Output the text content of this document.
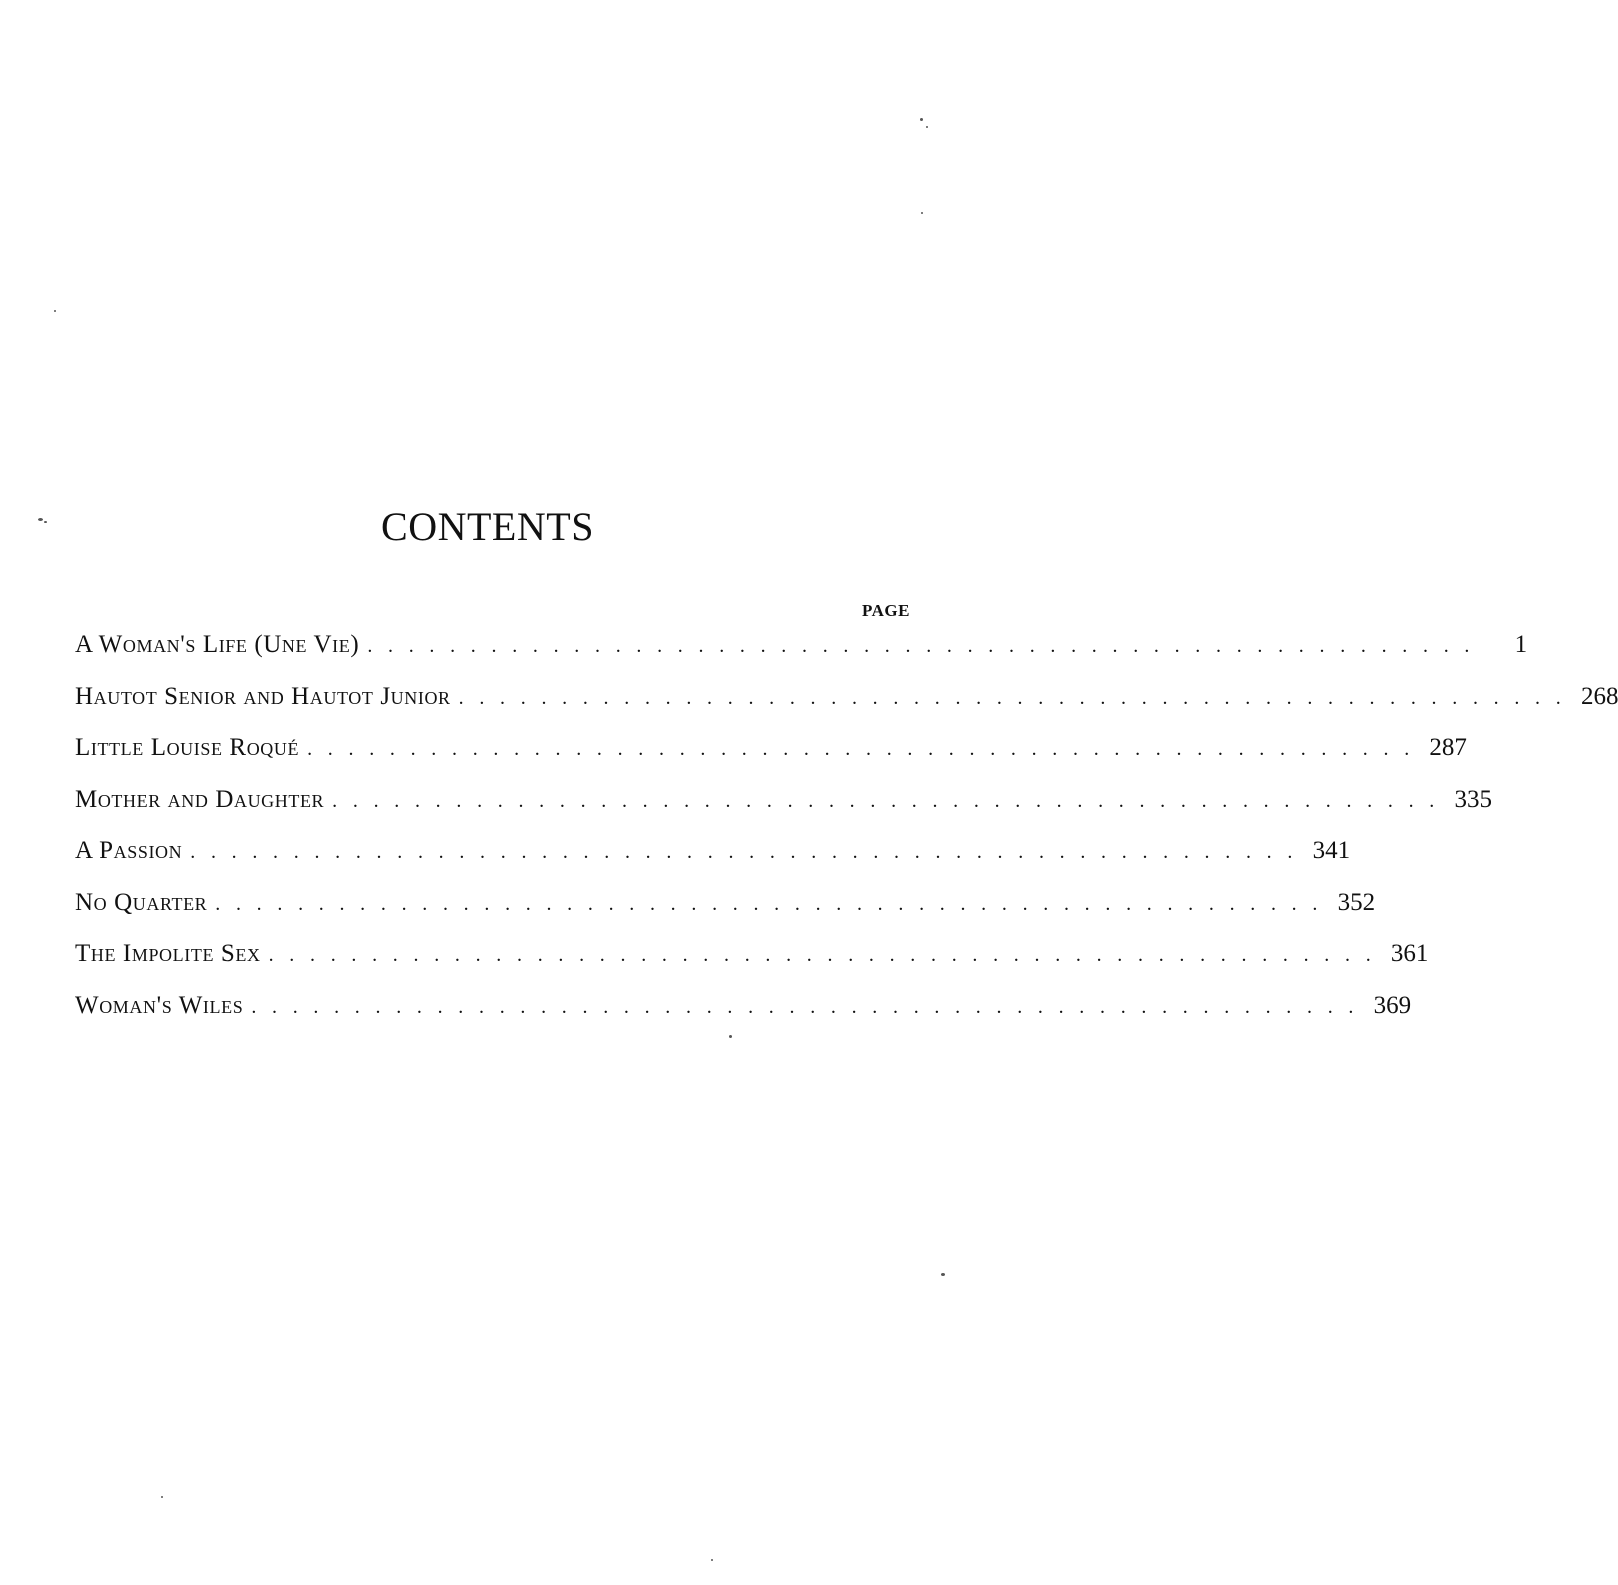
CONTENTS
PAGE
A Woman's Life (Une Vie) ......................................................	1
Hautot Senior and Hautot Junior ...................................................... 268
Little Louise Roqué ...................................................... 287
Mother and Daughter ...................................................... 335
A Passion ...................................................... 341
No Quarter ...................................................... 352
The Impolite Sex ...................................................... 361
Woman's Wiles ...................................................... 369
